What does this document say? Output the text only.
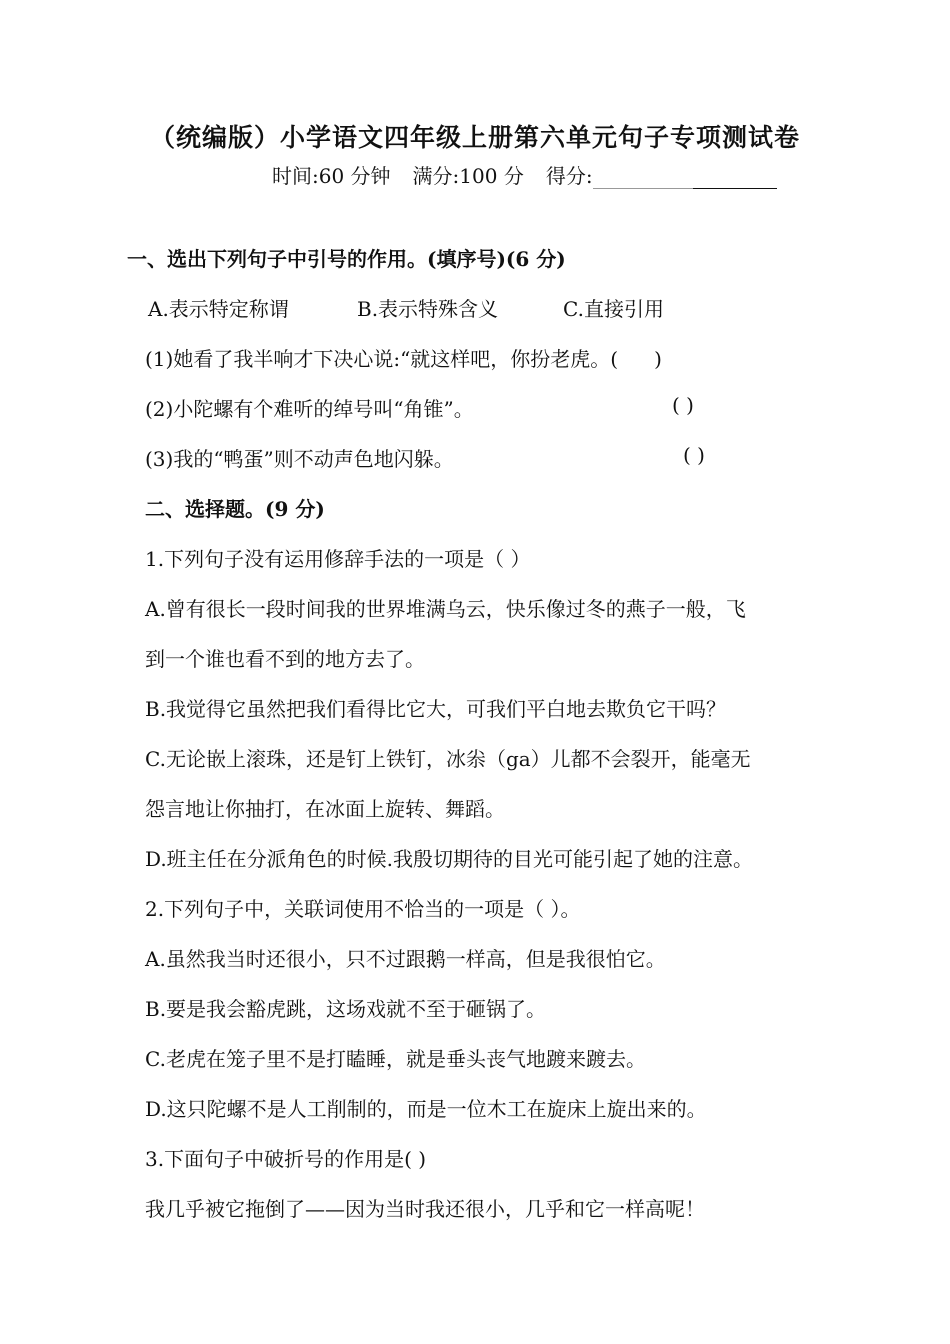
（统编版）小学语文四年级上册第六单元句子专项测试卷
时间:60 分钟 满分:100 分 得分:
一、选出下列句子中引号的作用。(填序号)(6 分)
A.表示特定称谓	B.表示特殊含义	C.直接引用
(1)她看了我半响才下决心说:“就这样吧，你扮老虎。( )
(2)小陀螺有个难听的绰号叫“角锥”。	( )
(3)我的“鸭蛋”则不动声色地闪躲。	( )
二、选择题。(9 分)
1.下列句子没有运用修辞手法的一项是（ ）
A.曾有很长一段时间我的世界堆满乌云，快乐像过冬的燕子一般，飞
到一个谁也看不到的地方去了。
B.我觉得它虽然把我们看得比它大，可我们平白地去欺负它干吗？
C.无论嵌上滚珠，还是钉上铁钉，冰尜（ga）儿都不会裂开，能毫无
怨言地让你抽打，在冰面上旋转、舞蹈。
D.班主任在分派角色的时候.我殷切期待的目光可能引起了她的注意。
2.下列句子中，关联词使用不恰当的一项是（ ）。
A.虽然我当时还很小，只不过跟鹅一样高，但是我很怕它。
B.要是我会豁虎跳，这场戏就不至于砸锅了。
C.老虎在笼子里不是打瞌睡，就是垂头丧气地踱来踱去。
D.这只陀螺不是人工削制的，而是一位木工在旋床上旋出来的。
3.下面句子中破折号的作用是( )
我几乎被它拖倒了——因为当时我还很小，几乎和它一样高呢！
